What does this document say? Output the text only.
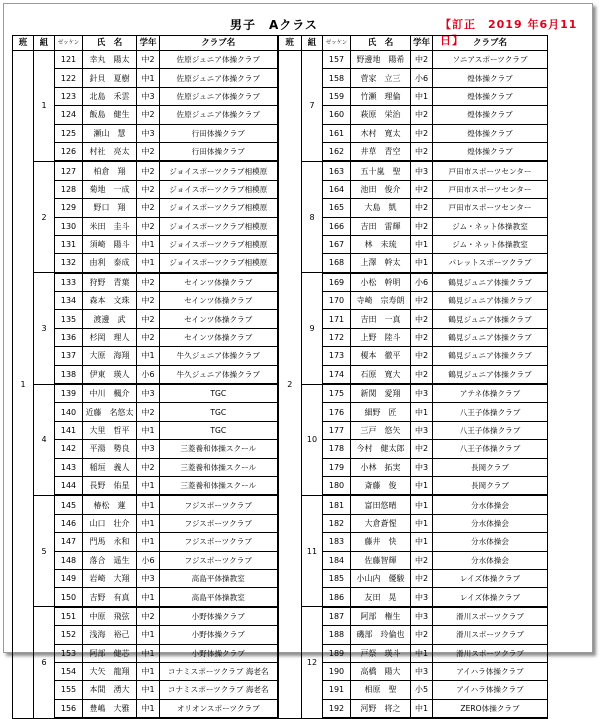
男子　Aクラス	【訂正　2019 年6月11日】
班	組	ゼッケン	氏　名	学年	クラブ名	班	組	ゼッケン	氏　名	学年	クラブ名
1	1	121	幸丸　陽太	中2	佐原ジュニア体操クラブ	2	7	157	野邊地　陽希	中2	ソニアスポーツクラブ
		122	針貝　夏樹	中1	佐原ジュニア体操クラブ			158	菅家　立三	小6	煌体操クラブ
		123	北島　禾雲	中3	佐原ジュニア体操クラブ			159	竹瀬　理倫	中1	煌体操クラブ
		124	飯島　健生	中2	佐原ジュニア体操クラブ			160	萩原　栄治	中2	煌体操クラブ
		125	瀬山　慧	中3	行田体操クラブ			161	木村　寛太	中2	煌体操クラブ
		126	村社　亮太	中2	行田体操クラブ			162	井草　青空	中2	煌体操クラブ
	2	127	柏倉　翔	中2	ジョイスポーツクラブ相模原		8	163	五十嵐　聖	中3	戸田市スポーツセンター
		128	菊地　一成	中2	ジョイスポーツクラブ相模原			164	池田　俊介	中2	戸田市スポーツセンター
		129	野口　翔	中2	ジョイスポーツクラブ相模原			165	大島　凱	中2	戸田市スポーツセンター
		130	米田　圭斗	中2	ジョイスポーツクラブ相模原			166	吉田　雷輝	中2	ジム・ネット体操教室
		131	須崎　陽斗	中1	ジョイスポーツクラブ相模原			167	林　未琉	中1	ジム・ネット体操教室
		132	由利　泰成	中1	ジョイスポーツクラブ相模原			168	上澤　幹太	中1	パレットスポーツクラブ
	3	133	狩野　青葉	中2	セインツ体操クラブ		9	169	小松　幹明	小6	鶴見ジュニア体操クラブ
		134	森本　文珠	中2	セインツ体操クラブ			170	寺崎　宗寿朗	中2	鶴見ジュニア体操クラブ
		135	渡邊　武	中2	セインツ体操クラブ			171	吉田　一真	中2	鶴見ジュニア体操クラブ
		136	杉岡　理人	中2	セインツ体操クラブ			172	上野　陸斗	中2	鶴見ジュニア体操クラブ
		137	大原　海翔	中1	牛久ジュニア体操クラブ			173	榎本　徹平	中2	鶴見ジュニア体操クラブ
		138	伊東　瑛人	小6	牛久ジュニア体操クラブ			174	石原　寛大	中2	鶴見ジュニア体操クラブ
	4	139	中川　楓介	中3	TGC		10	175	新関　愛翔	中3	アテネ体操クラブ
		140	近藤　名悠太	中2	TGC			176	細野　匠	中1	八王子体操クラブ
		141	大里　哲平	中1	TGC			177	三戸　悠矢	中3	八王子体操クラブ
		142	平湯　勢良	中3	三菱養和体操スクール			178	今村　健太郎	中2	八王子体操クラブ
		143	稲垣　義人	中2	三菱養和体操スクール			179	小林　拓実	中3	長岡クラブ
		144	長野　佑星	中1	三菱養和体操スクール			180	斎藤　俊	中1	長岡クラブ
	5	145	椿松　蓮	中1	フジスポーツクラブ		11	181	富田悠晴	中1	分水体操会
		146	山口　壮介	中1	フジスポーツクラブ			182	大倉蒼惺	中1	分水体操会
		147	門馬　永和	中1	フジスポーツクラブ			183	藤井　快	中1	分水体操会
		148	落合　遥生	小6	フジスポーツクラブ			184	佐藤智輝	中2	分水体操会
		149	岩崎　大翔	中3	高島平体操教室			185	小山内　優駿	中2	レイズ体操クラブ
		150	吉野　有真	中1	高島平体操教室			186	友田　晃	中3	レイズ体操クラブ
	6	151	中原　飛弦	中2	小野体操クラブ		12	187	阿部　権生	中3	滑川スポーツクラブ
		152	浅海　裕己	中1	小野体操クラブ			188	磯部　玲倫也	中2	滑川スポーツクラブ
		153	阿部　健芯	中1	小野体操クラブ			189	戸祭　瑛斗	中1	滑川スポーツクラブ
		154	大矢　龍翔	中1	コナミスポーツクラブ 海老名			190	高橋　陽大	中3	アイハラ体操クラブ
		155	本間　湧大	中1	コナミスポーツクラブ 海老名			191	相原　聖	小5	アイハラ体操クラブ
		156	豊嶋　大雅	中1	オリオンスポーツクラブ			192	河野　将之	中1	ZERO体操クラブ
